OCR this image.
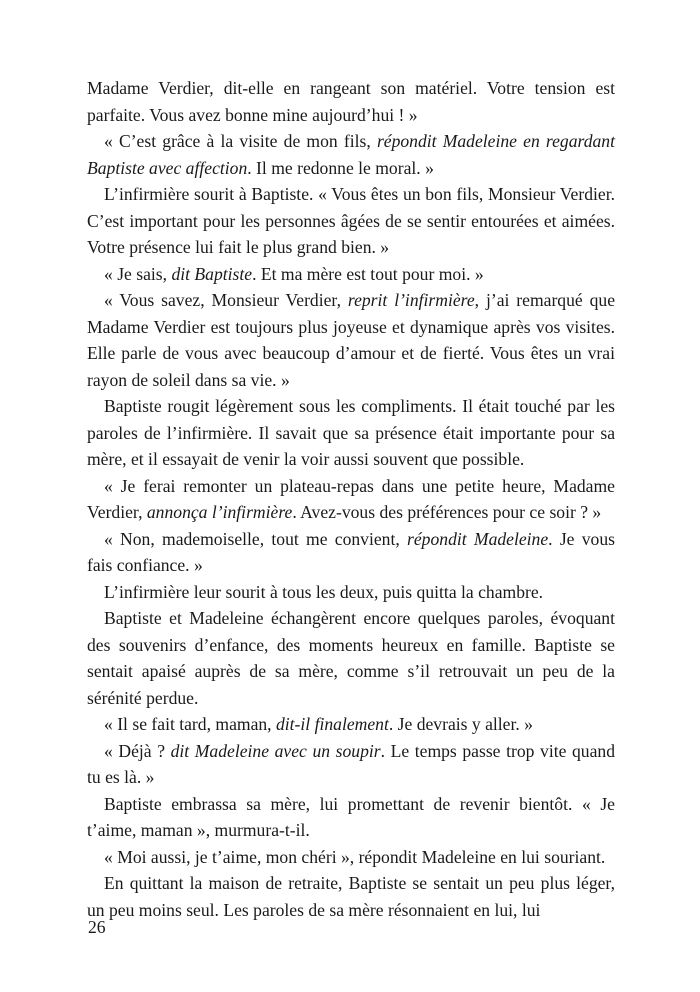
Madame Verdier, dit-elle en rangeant son matériel. Votre tension est parfaite. Vous avez bonne mine aujourd’hui ! »

« C’est grâce à la visite de mon fils, répondit Madeleine en regardant Baptiste avec affection. Il me redonne le moral. »

L’infirmière sourit à Baptiste. « Vous êtes un bon fils, Monsieur Verdier. C’est important pour les personnes âgées de se sentir entourées et aimées. Votre présence lui fait le plus grand bien. »

« Je sais, dit Baptiste. Et ma mère est tout pour moi. »

« Vous savez, Monsieur Verdier, reprit l’infirmière, j’ai remarqué que Madame Verdier est toujours plus joyeuse et dynamique après vos visites. Elle parle de vous avec beaucoup d’amour et de fierté. Vous êtes un vrai rayon de soleil dans sa vie. »

Baptiste rougit légèrement sous les compliments. Il était touché par les paroles de l’infirmière. Il savait que sa présence était importante pour sa mère, et il essayait de venir la voir aussi souvent que possible.

« Je ferai remonter un plateau-repas dans une petite heure, Madame Verdier, annonça l’infirmière. Avez-vous des préférences pour ce soir ? »

« Non, mademoiselle, tout me convient, répondit Madeleine. Je vous fais confiance. »

L’infirmière leur sourit à tous les deux, puis quitta la chambre.

Baptiste et Madeleine échangèrent encore quelques paroles, évoquant des souvenirs d’enfance, des moments heureux en famille. Baptiste se sentait apaisé auprès de sa mère, comme s’il retrouvait un peu de la sérénité perdue.

« Il se fait tard, maman, dit-il finalement. Je devrais y aller. »

« Déjà ? dit Madeleine avec un soupir. Le temps passe trop vite quand tu es là. »

Baptiste embrassa sa mère, lui promettant de revenir bientôt. « Je t’aime, maman », murmura-t-il.

« Moi aussi, je t’aime, mon chéri », répondit Madeleine en lui souriant.

En quittant la maison de retraite, Baptiste se sentait un peu plus léger, un peu moins seul. Les paroles de sa mère résonnaient en lui, lui

26
